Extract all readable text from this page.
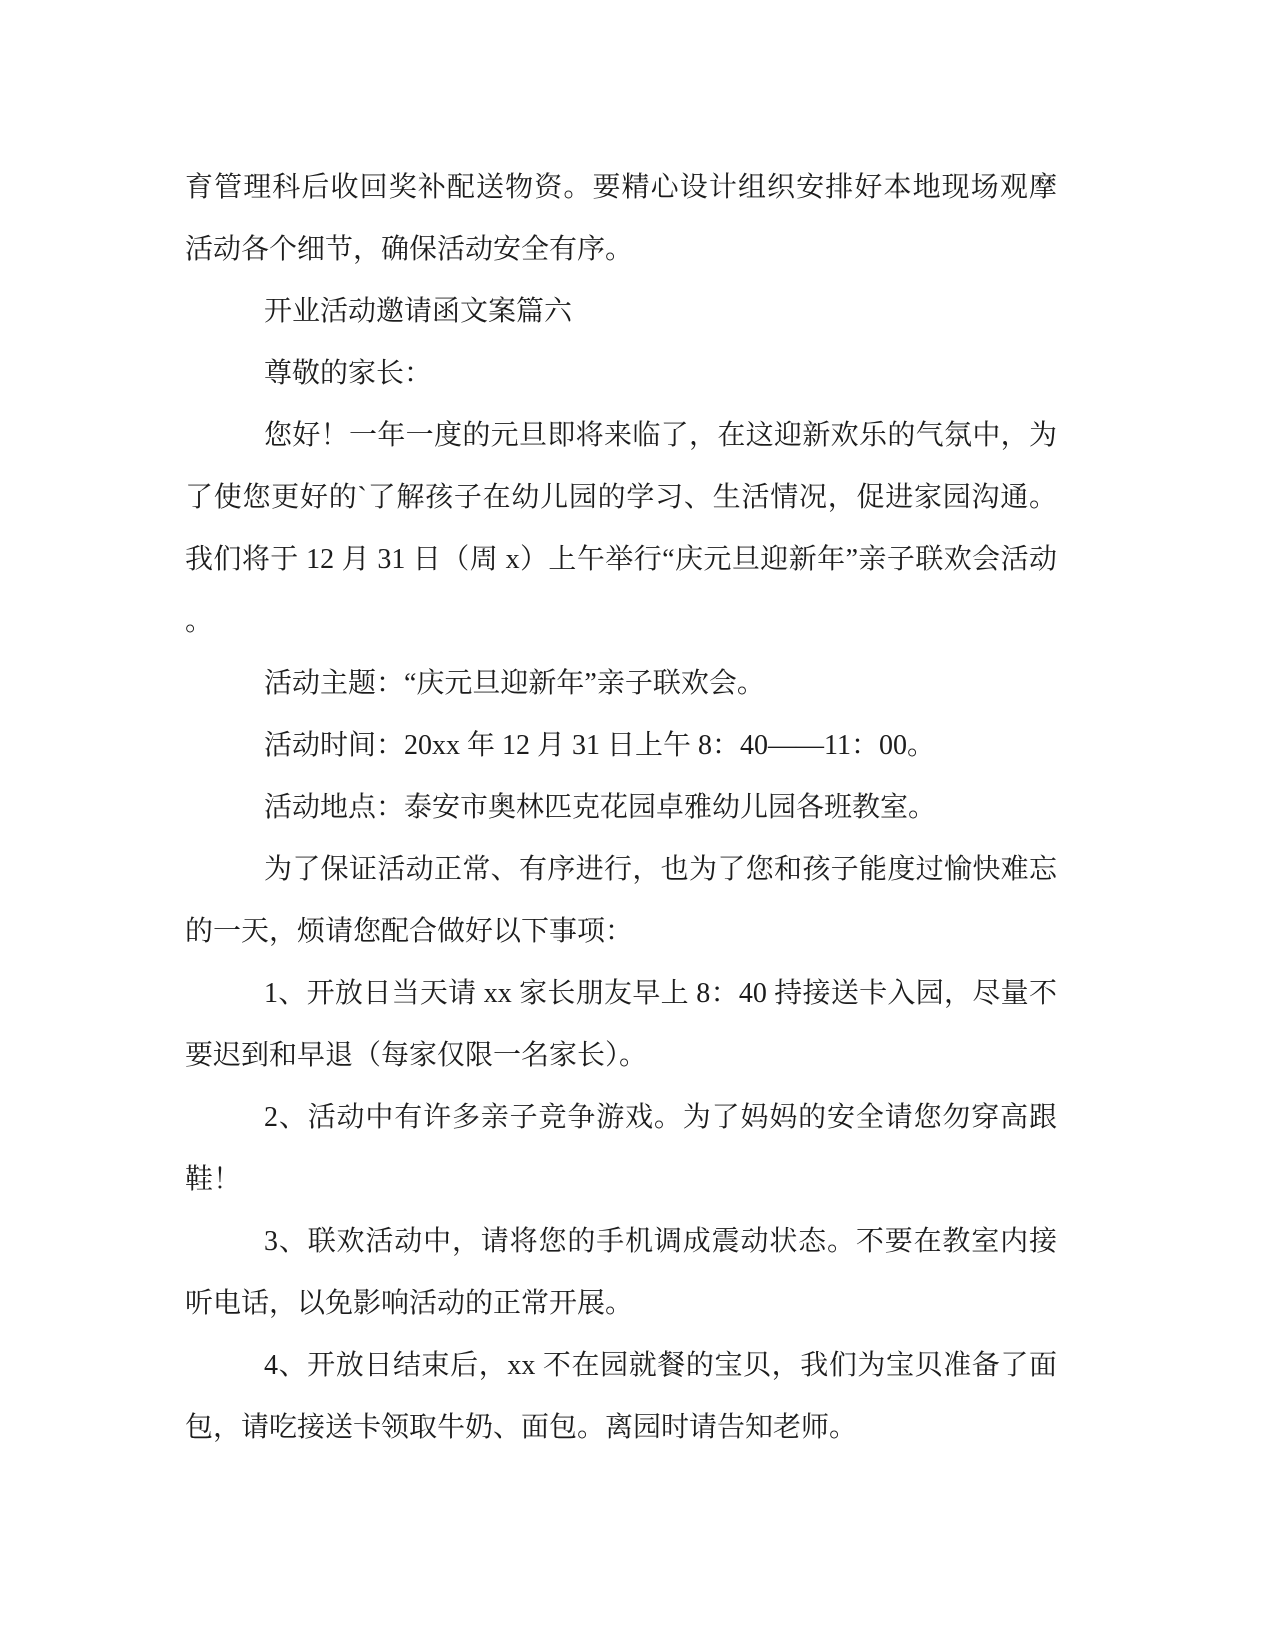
育管理科后收回奖补配送物资。要精心设计组织安排好本地现场观摩
活动各个细节，确保活动安全有序。
开业活动邀请函文案篇六
尊敬的家长：
您好！一年一度的元旦即将来临了，在这迎新欢乐的气氛中，为
了使您更好的`了解孩子在幼儿园的学习、生活情况，促进家园沟通。
我们将于 12 月 31 日（周 x）上午举行“庆元旦迎新年”亲子联欢会活动
。
活动主题：“庆元旦迎新年”亲子联欢会。
活动时间：20xx 年 12 月 31 日上午 8：40——11：00。
活动地点：泰安市奥林匹克花园卓雅幼儿园各班教室。
为了保证活动正常、有序进行，也为了您和孩子能度过愉快难忘
的一天，烦请您配合做好以下事项：
1、开放日当天请 xx 家长朋友早上 8：40 持接送卡入园，尽量不
要迟到和早退（每家仅限一名家长）。
2、活动中有许多亲子竞争游戏。为了妈妈的安全请您勿穿高跟
鞋！
3、联欢活动中，请将您的手机调成震动状态。不要在教室内接
听电话，以免影响活动的正常开展。
4、开放日结束后，xx 不在园就餐的宝贝，我们为宝贝准备了面
包，请吃接送卡领取牛奶、面包。离园时请告知老师。
